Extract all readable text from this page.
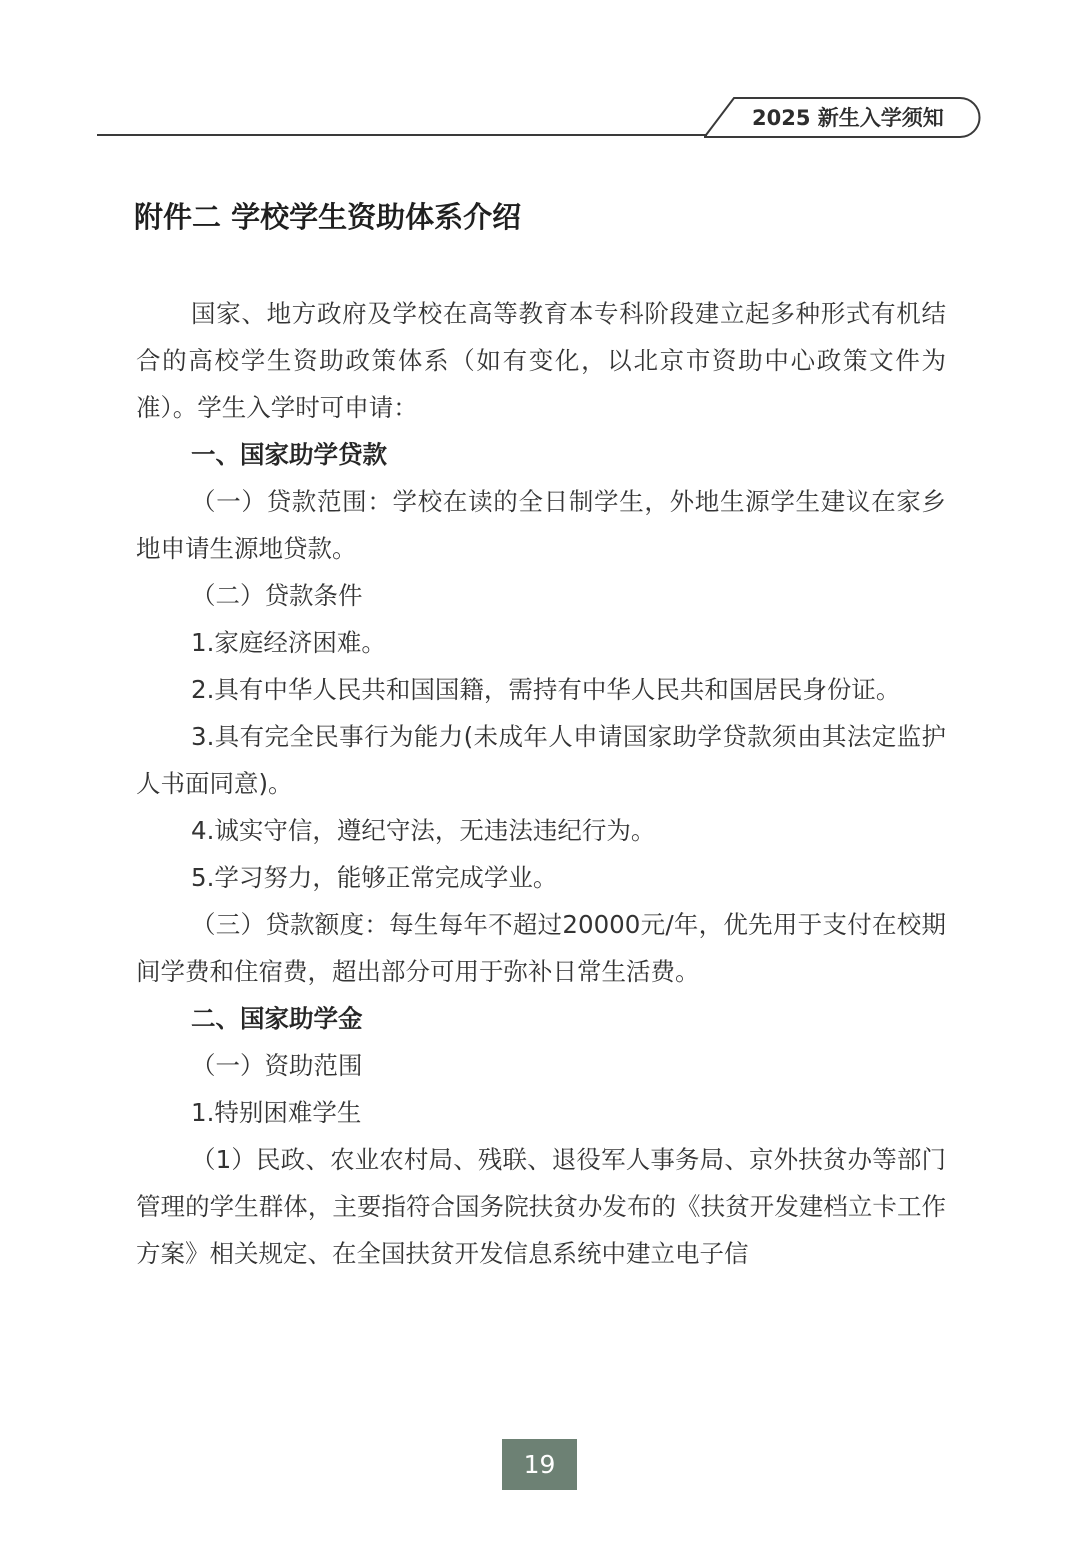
2025 新生入学须知
附件二 学校学生资助体系介绍

国家、地方政府及学校在高等教育本专科阶段建立起多种形式有机结合的高校学生资助政策体系（如有变化，以北京市资助中心政策文件为准）。学生入学时可申请：

一、国家助学贷款

（一）贷款范围：学校在读的全日制学生，外地生源学生建议在家乡地申请生源地贷款。

（二）贷款条件

1.家庭经济困难。

2.具有中华人民共和国国籍，需持有中华人民共和国居民身份证。

3.具有完全民事行为能力(未成年人申请国家助学贷款须由其法定监护人书面同意)。

4.诚实守信，遵纪守法，无违法违纪行为。

5.学习努力，能够正常完成学业。

（三）贷款额度：每生每年不超过20000元/年，优先用于支付在校期间学费和住宿费，超出部分可用于弥补日常生活费。

二、国家助学金

（一）资助范围

1.特别困难学生

（1）民政、农业农村局、残联、退役军人事务局、京外扶贫办等部门管理的学生群体，主要指符合国务院扶贫办发布的《扶贫开发建档立卡工作方案》相关规定、在全国扶贫开发信息系统中建立电子信

19
